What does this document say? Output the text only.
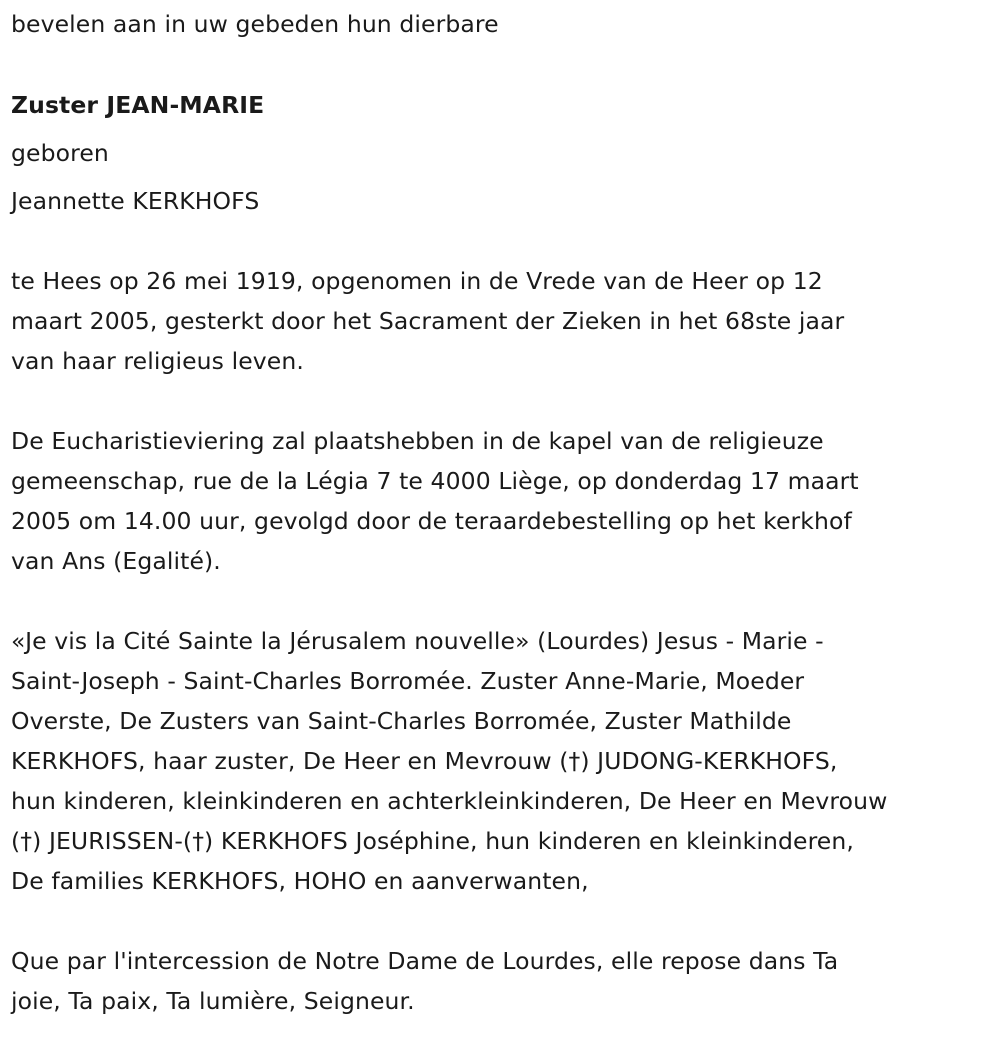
bevelen aan in uw gebeden hun dierbare
Zuster JEAN-MARIE
geboren
Jeannette KERKHOFS
te Hees op 26 mei 1919, opgenomen in de Vrede van de Heer op 12
maart 2005, gesterkt door het Sacrament der Zieken in het 68ste jaar
van haar religieus leven.
De Eucharistieviering zal plaatshebben in de kapel van de religieuze
gemeenschap, rue de la Légia 7 te 4000 Liège, op donderdag 17 maart
2005 om 14.00 uur, gevolgd door de teraardebestelling op het kerkhof
van Ans (Egalité).
«Je vis la Cité Sainte la Jérusalem nouvelle» (Lourdes) Jesus - Marie -
Saint-Joseph - Saint-Charles Borromée. Zuster Anne-Marie, Moeder
Overste, De Zusters van Saint-Charles Borromée, Zuster Mathilde
KERKHOFS, haar zuster, De Heer en Mevrouw (†) JUDONG-KERKHOFS,
hun kinderen, kleinkinderen en achterkleinkinderen, De Heer en Mevrouw
(†) JEURISSEN-(†) KERKHOFS Joséphine, hun kinderen en kleinkinderen,
De families KERKHOFS, HOHO en aanverwanten,
Que par l'intercession de Notre Dame de Lourdes, elle repose dans Ta
joie, Ta paix, Ta lumière, Seigneur.
